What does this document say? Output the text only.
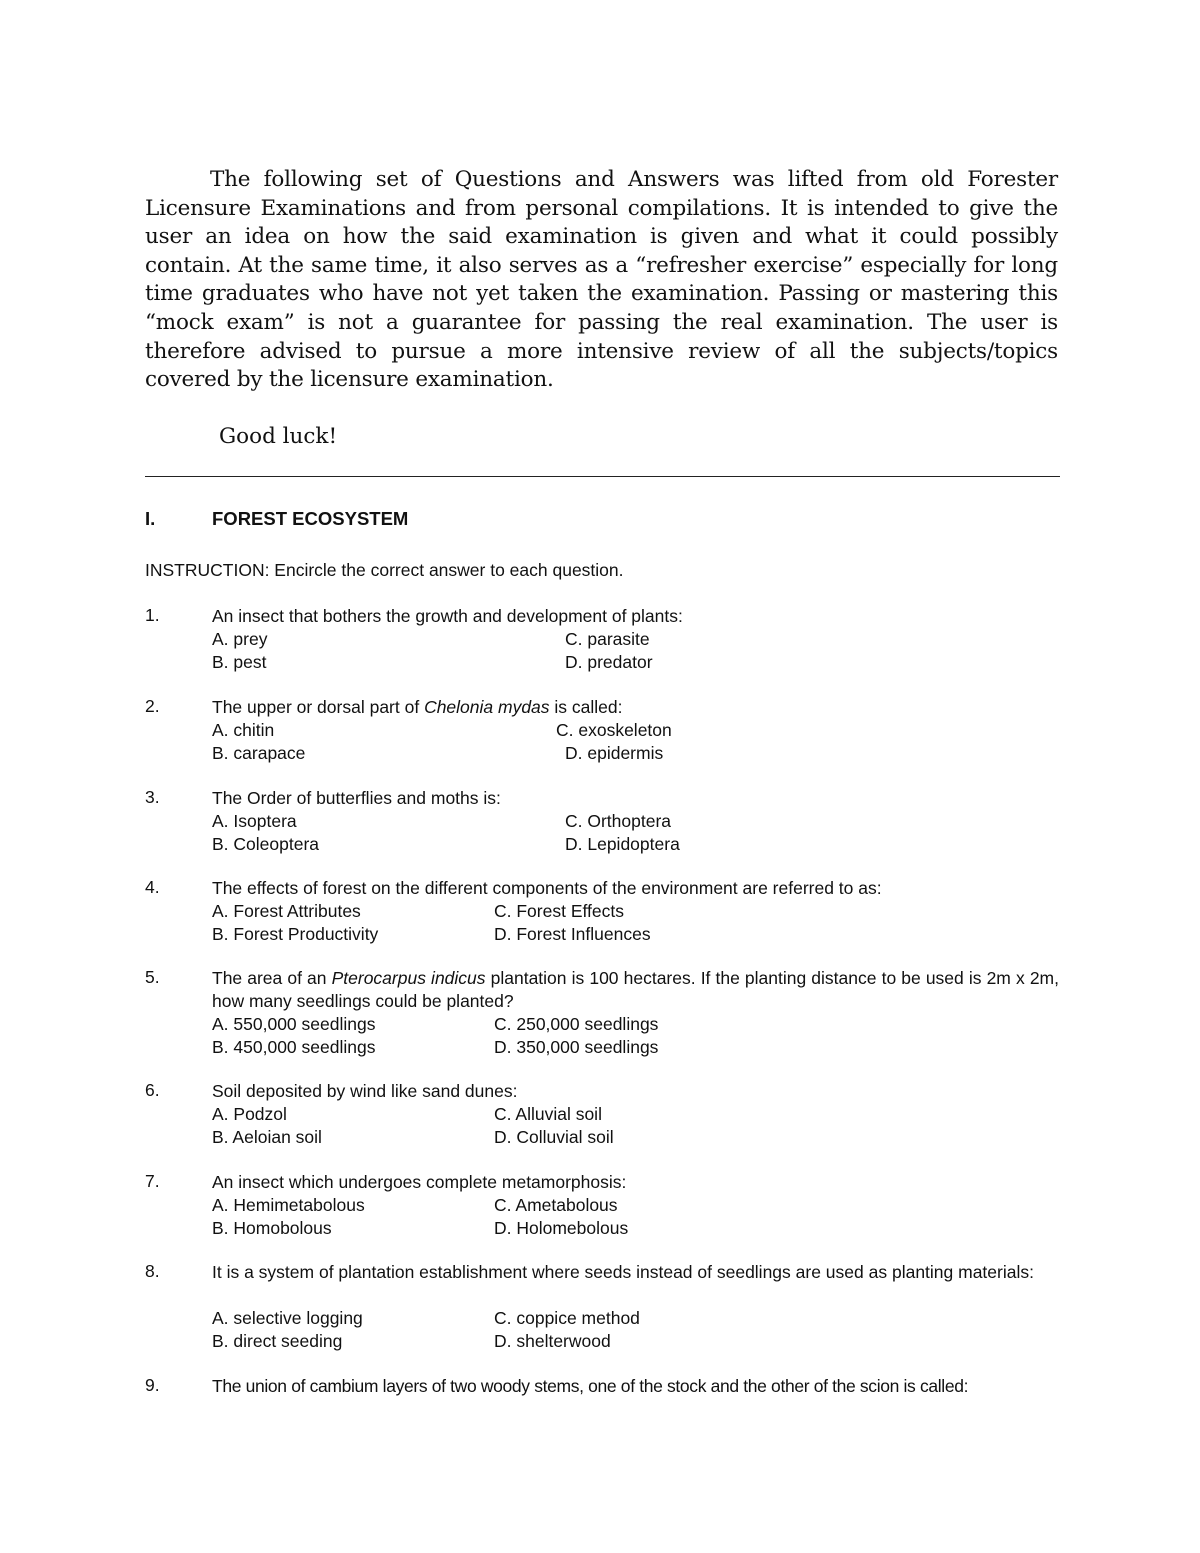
The following set of Questions and Answers was lifted from old Forester Licensure Examinations and from personal compilations. It is intended to give the user an idea on how the said examination is given and what it could possibly contain. At the same time, it also serves as a “refresher exercise” especially for long time graduates who have not yet taken the examination. Passing or mastering this “mock exam” is not a guarantee for passing the real examination. The user is therefore advised to pursue a more intensive review of all the subjects/topics covered by the licensure examination.

Good luck!

I.	FOREST ECOSYSTEM
INSTRUCTION: Encircle the correct answer to each question.
1.	An insect that bothers the growth and development of plants:
A. prey
B. pest
C. parasite
D. predator
2.	The upper or dorsal part of Chelonia mydas is called:
A. chitin
B. carapace
C. exoskeleton
D. epidermis
3.	The Order of butterflies and moths is:
A. Isoptera
B. Coleoptera
C. Orthoptera
D. Lepidoptera
4.	The effects of forest on the different components of the environment are referred to as:
A. Forest Attributes
B. Forest Productivity
C. Forest Effects
D. Forest Influences
5.	The area of an Pterocarpus indicus plantation is 100 hectares. If the planting distance to be used is 2m x 2m, how many seedlings could be planted?
A. 550,000 seedlings
B. 450,000 seedlings
C. 250,000 seedlings
D. 350,000 seedlings
6.	Soil deposited by wind like sand dunes:
A. Podzol
B. Aeloian soil
C. Alluvial soil
D. Colluvial soil
7.	An insect which undergoes complete metamorphosis:
A. Hemimetabolous
B. Homobolous
C. Ametabolous
D. Holomebolous
8.	It is a system of plantation establishment where seeds instead of seedlings are used as planting materials:
A. selective logging
B. direct seeding
C. coppice method
D. shelterwood
9.	The union of cambium layers of two woody stems, one of the stock and the other of the scion is called:
